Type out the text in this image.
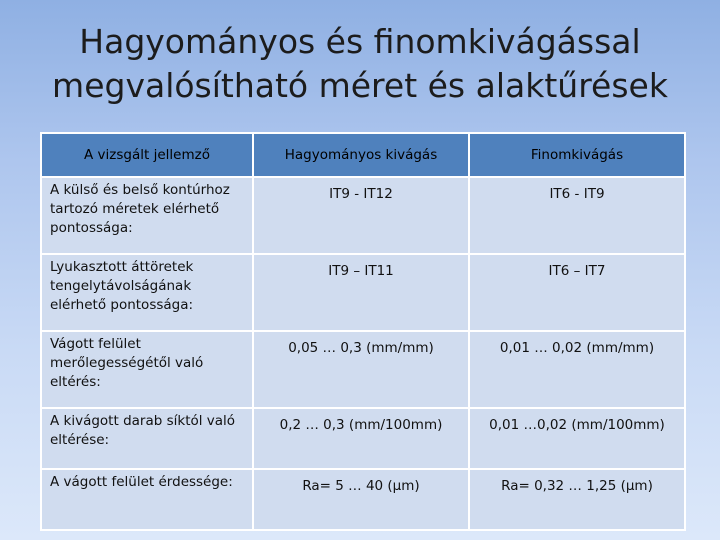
Hagyományos és finomkivágással
megvalósítható méret és alaktűrések
A vizsgált jellemző	Hagyományos kivágás	Finomkivágás
A külső és belső kontúrhoz tartozó méretek elérhető pontossága:	IT9 - IT12	IT6 - IT9
Lyukasztott áttöretek tengelytávolságának elérhető pontossága:	IT9 – IT11	IT6 – IT7
Vágott felület merőlegességétől való eltérés:	0,05 … 0,3 (mm/mm)	0,01 … 0,02 (mm/mm)
A kivágott darab síktól való eltérése:	0,2 … 0,3 (mm/100mm)	0,01 …0,02 (mm/100mm)
A vágott felület érdessége:	Ra= 5 … 40 (µm)	Ra= 0,32 … 1,25 (µm)
